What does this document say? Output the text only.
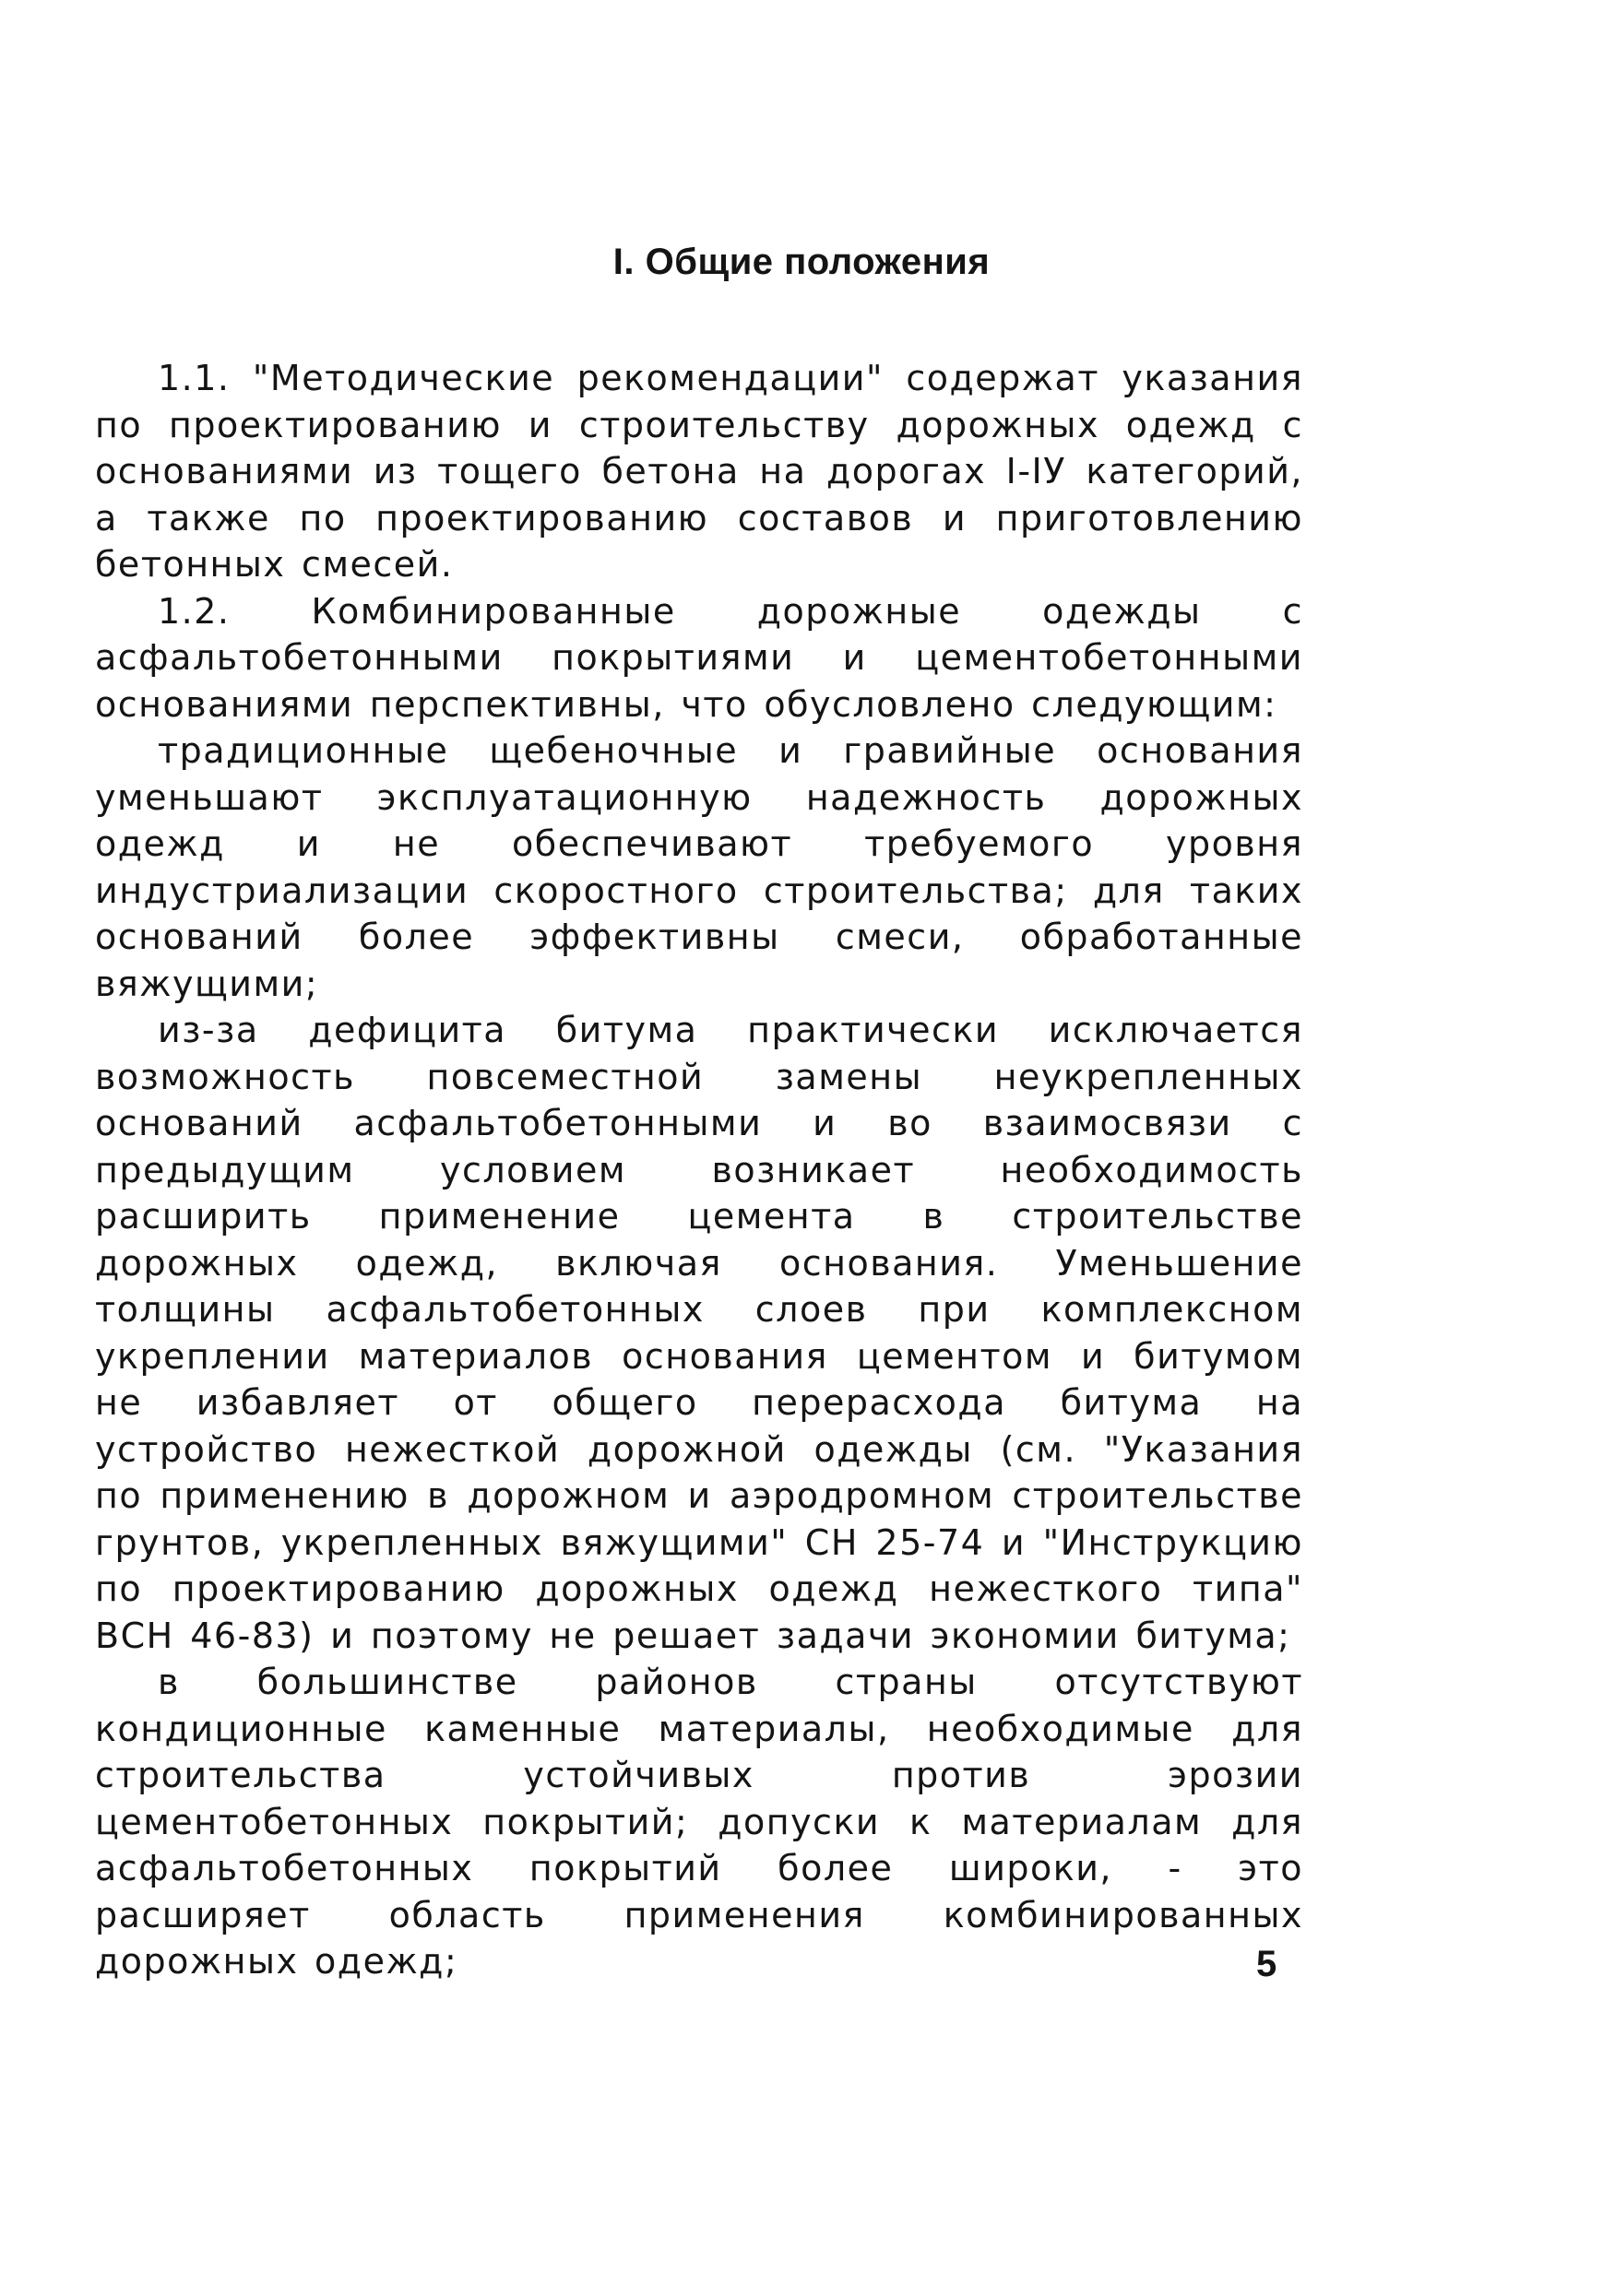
I. Общие положения

1.1. "Методические рекомендации" содержат указания по проектированию и строительству дорожных одежд с основаниями из тощего бетона на дорогах I-IУ категорий, а также по проектированию составов и приготовлению бетонных смесей.

1.2. Комбинированные дорожные одежды с асфальтобетонными покрытиями и цементобетонными основаниями перспективны, что обусловлено следующим:

традиционные щебеночные и гравийные основания уменьшают эксплуатационную надежность дорожных одежд и не обеспечивают требуемого уровня индустриализации скоростного строительства; для таких оснований более эффективны смеси, обработанные вяжущими;

из-за дефицита битума практически исключается возможность повсеместной замены неукрепленных оснований асфальтобетонными и во взаимосвязи с предыдущим условием возникает необходимость расширить применение цемента в строительстве дорожных одежд, включая основания. Уменьшение толщины асфальтобетонных слоев при комплексном укреплении материалов основания цементом и битумом не избавляет от общего перерасхода битума на устройство нежесткой дорожной одежды (см. "Указания по применению в дорожном и аэродромном строительстве грунтов, укрепленных вяжущими" СН 25-74 и "Инструкцию по проектированию дорожных одежд нежесткого типа" ВСН 46-83) и поэтому не решает задачи экономии битума;

в большинстве районов страны отсутствуют кондиционные каменные материалы, необходимые для строительства устойчивых против эрозии цементобетонных покрытий; допуски к материалам для асфальтобетонных покрытий более широки, - это расширяет область применения комбинированных дорожных одежд;	5
